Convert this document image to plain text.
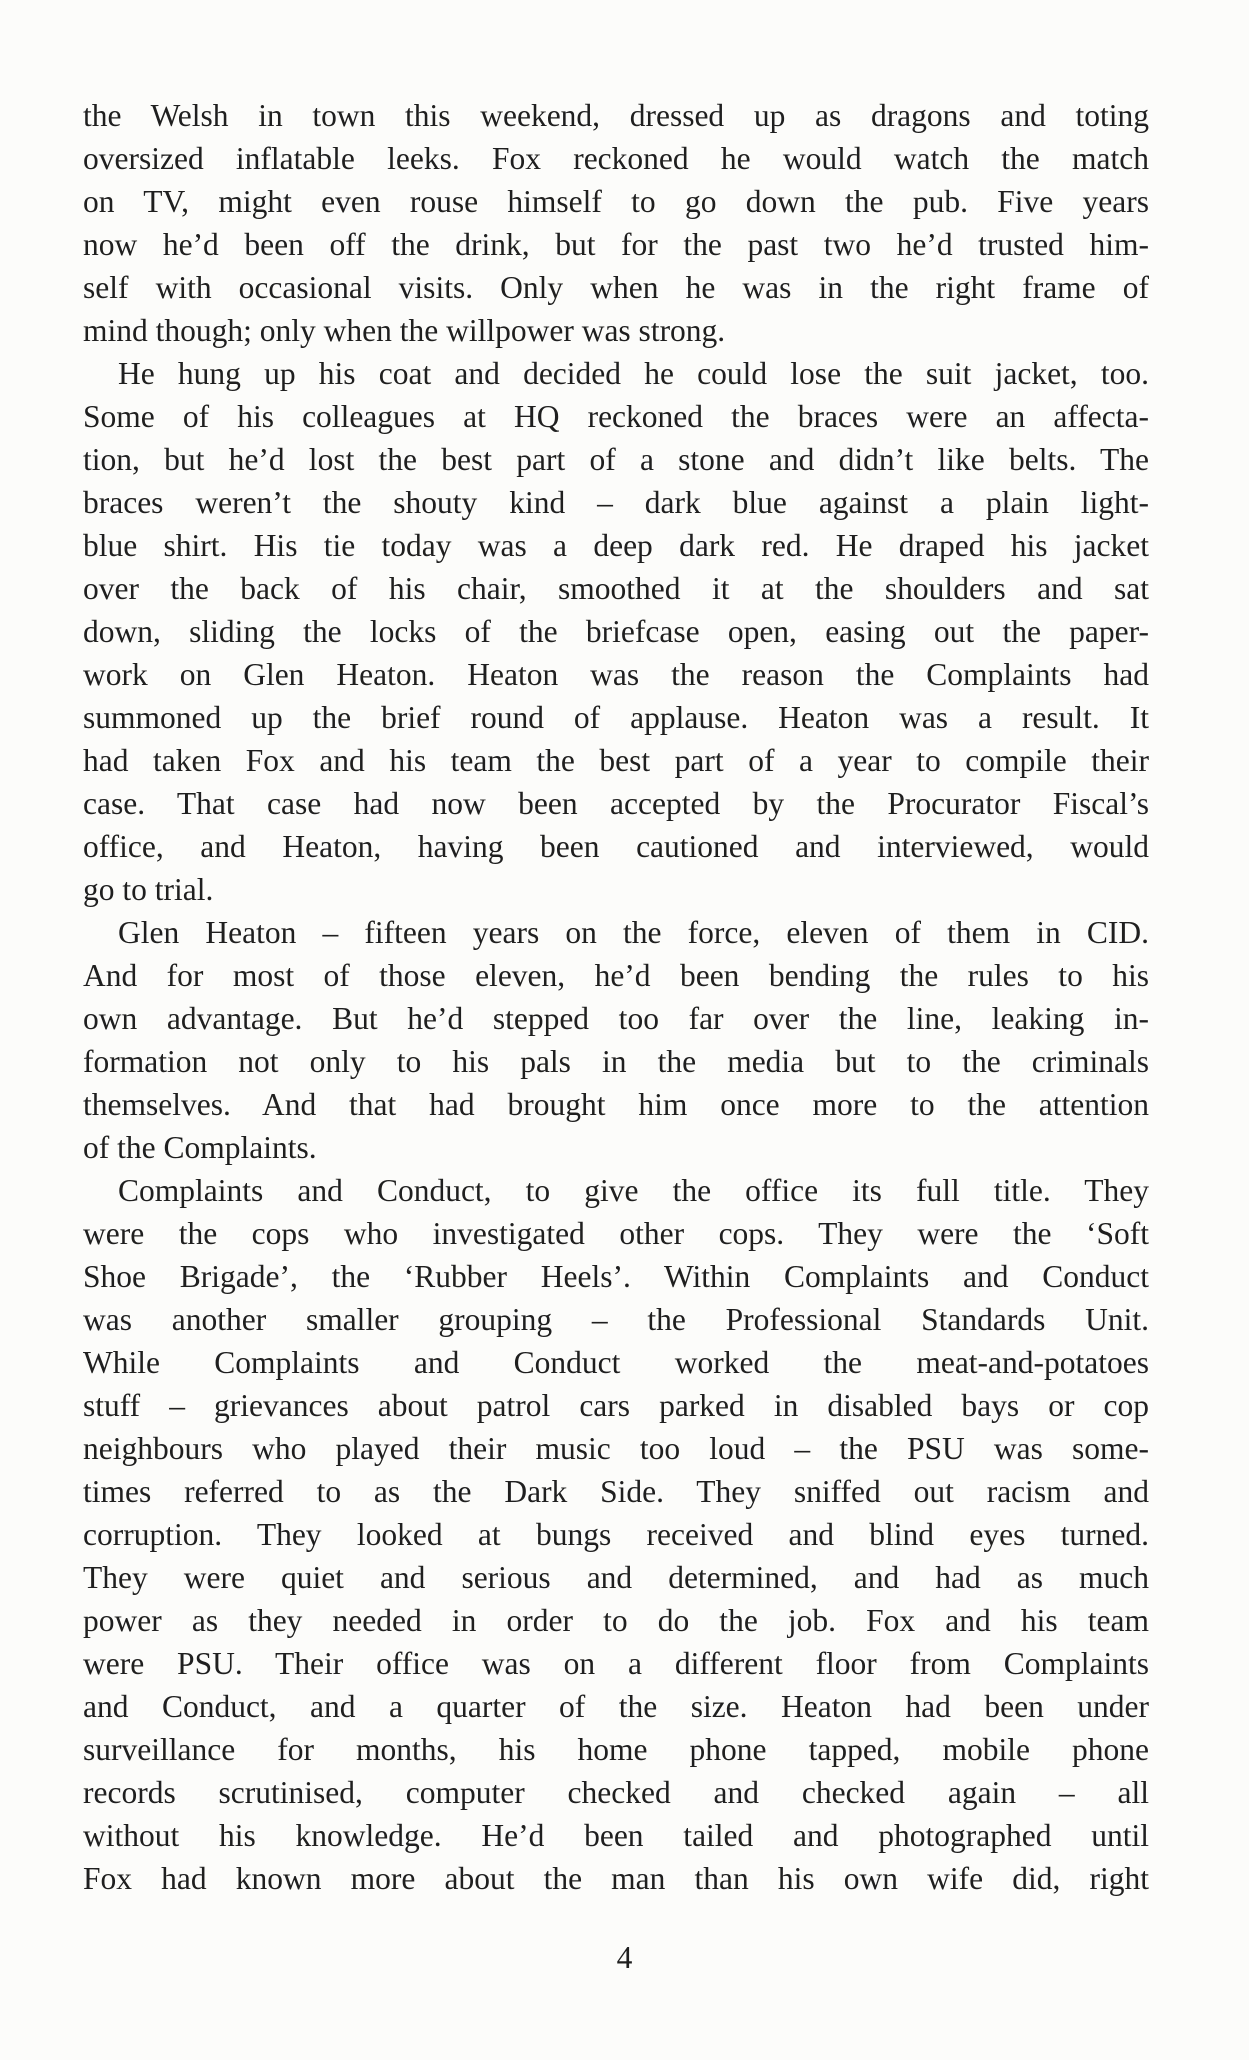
the Welsh in town this weekend, dressed up as dragons and toting
oversized inflatable leeks. Fox reckoned he would watch the match
on TV, might even rouse himself to go down the pub. Five years
now he’d been off the drink, but for the past two he’d trusted him-
self with occasional visits. Only when he was in the right frame of
mind though; only when the willpower was strong.
He hung up his coat and decided he could lose the suit jacket, too.
Some of his colleagues at HQ reckoned the braces were an affecta-
tion, but he’d lost the best part of a stone and didn’t like belts. The
braces weren’t the shouty kind – dark blue against a plain light-
blue shirt. His tie today was a deep dark red. He draped his jacket
over the back of his chair, smoothed it at the shoulders and sat
down, sliding the locks of the briefcase open, easing out the paper-
work on Glen Heaton. Heaton was the reason the Complaints had
summoned up the brief round of applause. Heaton was a result. It
had taken Fox and his team the best part of a year to compile their
case. That case had now been accepted by the Procurator Fiscal’s
office, and Heaton, having been cautioned and interviewed, would
go to trial.
Glen Heaton – fifteen years on the force, eleven of them in CID.
And for most of those eleven, he’d been bending the rules to his
own advantage. But he’d stepped too far over the line, leaking in-
formation not only to his pals in the media but to the criminals
themselves. And that had brought him once more to the attention
of the Complaints.
Complaints and Conduct, to give the office its full title. They
were the cops who investigated other cops. They were the ‘Soft
Shoe Brigade’, the ‘Rubber Heels’. Within Complaints and Conduct
was another smaller grouping – the Professional Standards Unit.
While Complaints and Conduct worked the meat-and-potatoes
stuff – grievances about patrol cars parked in disabled bays or cop
neighbours who played their music too loud – the PSU was some-
times referred to as the Dark Side. They sniffed out racism and
corruption. They looked at bungs received and blind eyes turned.
They were quiet and serious and determined, and had as much
power as they needed in order to do the job. Fox and his team
were PSU. Their office was on a different floor from Complaints
and Conduct, and a quarter of the size. Heaton had been under
surveillance for months, his home phone tapped, mobile phone
records scrutinised, computer checked and checked again – all
without his knowledge. He’d been tailed and photographed until
Fox had known more about the man than his own wife did, right
4
